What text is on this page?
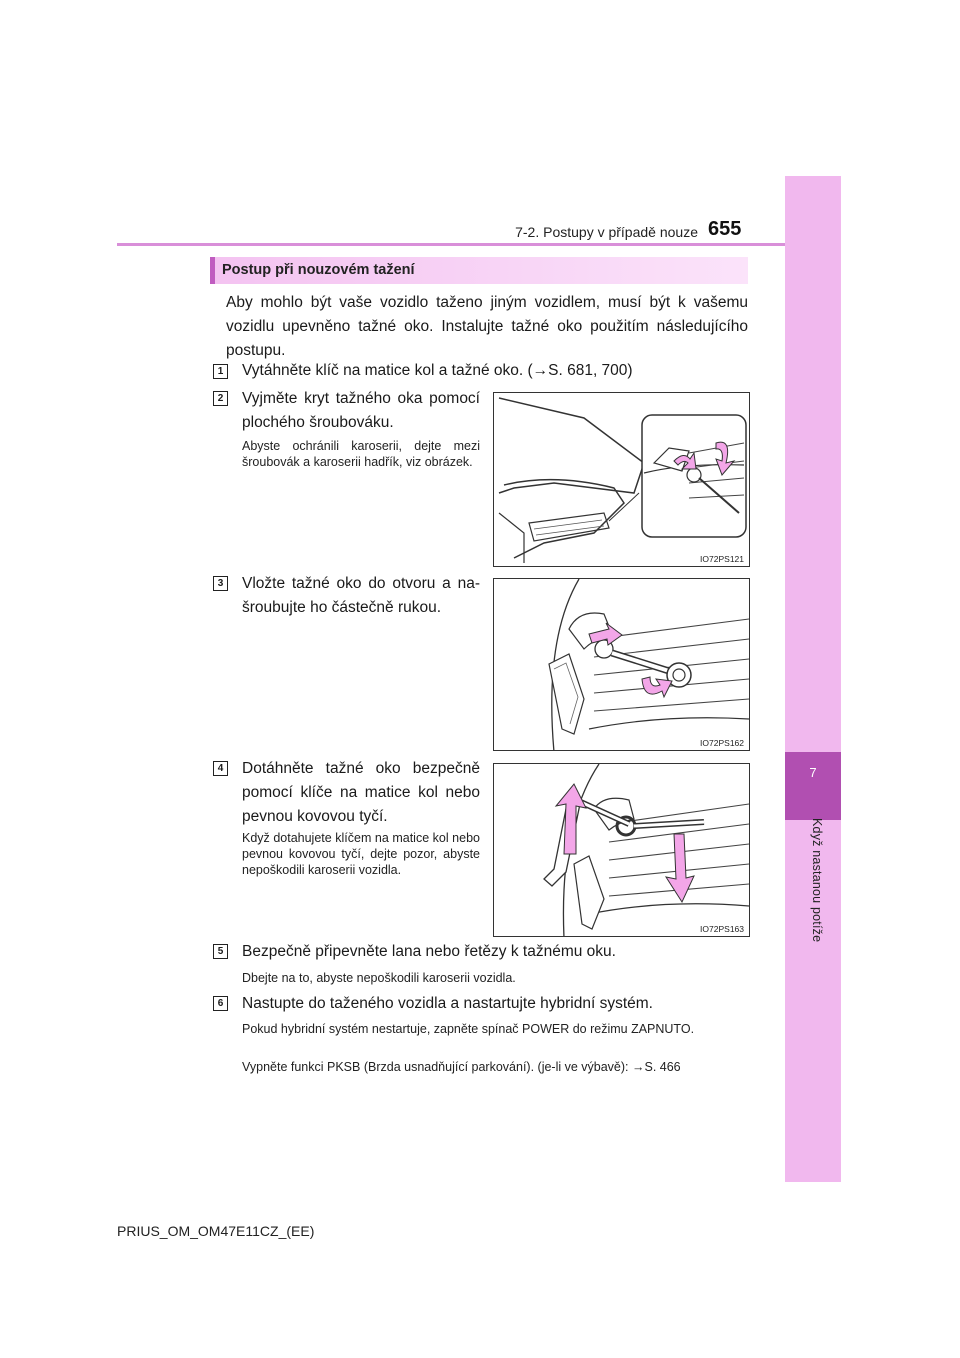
7
Když nastanou potíže
7-2. Postupy v případě nouze 655
Postup při nouzovém tažení
Aby mohlo být vaše vozidlo taženo jiným vozidlem, musí být k vašemu vozidlu upevněno tažné oko. Instalujte tažné oko použitím následujícího postupu.
1	Vytáhněte klíč na matice kol a tažné oko. (→S. 681, 700)
2	Vyjměte kryt tažného oka pomocí plochého šroubováku.
Abyste ochránili karoserii, dejte mezi šroubovák a karoserii hadřík, viz obrázek.
IO72PS121
3	Vložte tažné oko do otvoru a našroubujte ho částečně rukou.
IO72PS162
4	Dotáhněte tažné oko bezpečně pomocí klíče na matice kol nebo pevnou kovovou tyčí.
Když dotahujete klíčem na matice kol nebo pevnou kovovou tyčí, dejte pozor, abyste nepoškodili karoserii vozidla.
IO72PS163
5	Bezpečně připevněte lana nebo řetězy k tažnému oku.
Dbejte na to, abyste nepoškodili karoserii vozidla.
6	Nastupte do taženého vozidla a nastartujte hybridní systém.
Pokud hybridní systém nestartuje, zapněte spínač POWER do režimu ZAPNUTO.
Vypněte funkci PKSB (Brzda usnadňující parkování). (je-li ve výbavě): →S. 466
PRIUS_OM_OM47E11CZ_(EE)
